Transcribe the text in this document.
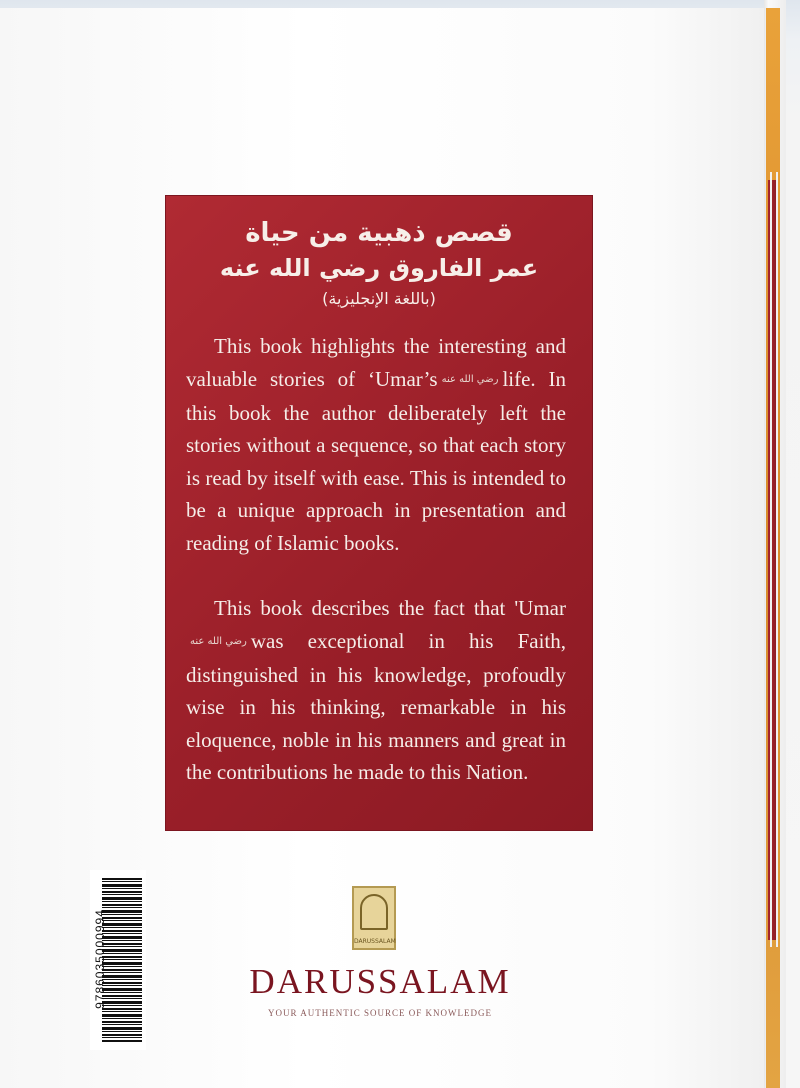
قصص ذهبية من حياة
عمر الفاروق رضي الله عنه
(باللغة الإنجليزية)
This book highlights the interesting and valuable stories of ‘Umar’s رضي الله عنه life. In this book the author deliberately left the stories without a sequence, so that each story is read by itself with ease. This is intended to be a unique approach in presentation and reading of Islamic books.
This book describes the fact that 'Umarرضي الله عنه was exceptional in his Faith, distinguished in his knowledge, profoudly wise in his thinking, remarkable in his eloquence, noble in his manners and great in the contributions he made to this Nation.
9786035000994	DARUSSALAM
DARUSSALAM
YOUR AUTHENTIC SOURCE OF KNOWLEDGE
